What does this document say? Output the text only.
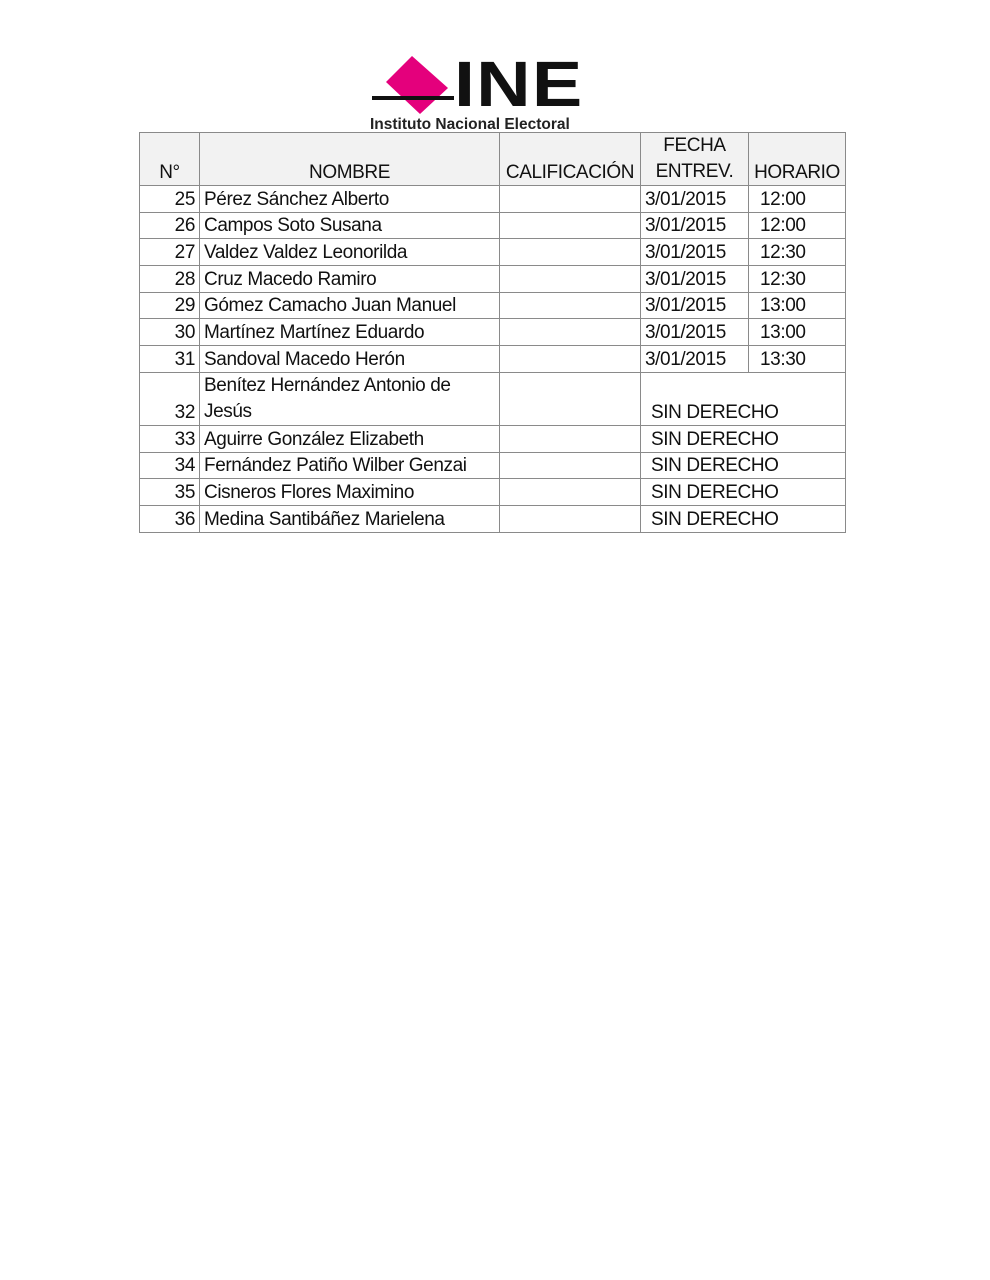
INE
Instituto Nacional Electoral
N°	NOMBRE	CALIFICACIÓN	FECHA ENTREV.	HORARIO
25	Pérez Sánchez Alberto		3/01/2015	12:00
26	Campos Soto Susana		3/01/2015	12:00
27	Valdez Valdez Leonorilda		3/01/2015	12:30
28	Cruz Macedo Ramiro		3/01/2015	12:30
29	Gómez Camacho Juan Manuel		3/01/2015	13:00
30	Martínez Martínez Eduardo		3/01/2015	13:00
31	Sandoval Macedo Herón		3/01/2015	13:30
32	Benítez Hernández Antonio de Jesús		SIN DERECHO	
33	Aguirre González Elizabeth		SIN DERECHO	
34	Fernández Patiño Wilber Genzai		SIN DERECHO	
35	Cisneros Flores Maximino		SIN DERECHO	
36	Medina Santibáñez Marielena		SIN DERECHO	
